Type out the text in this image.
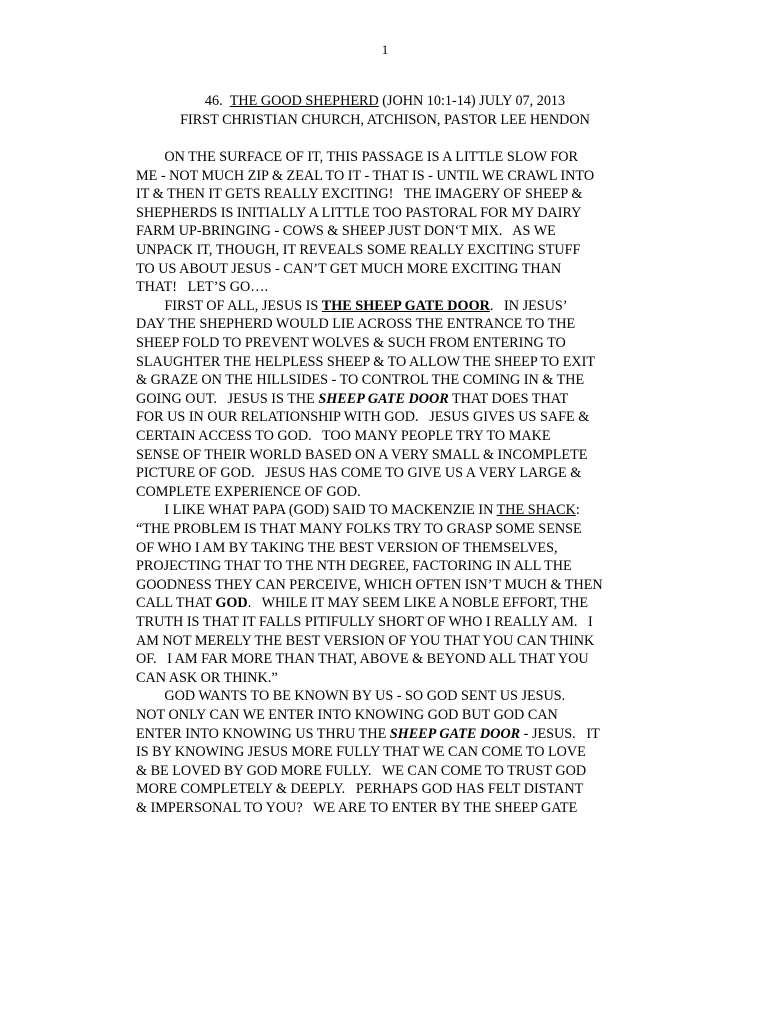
1
46. THE GOOD SHEPHERD (JOHN 10:1-14) JULY 07, 2013
FIRST CHRISTIAN CHURCH, ATCHISON, PASTOR LEE HENDON
ON THE SURFACE OF IT, THIS PASSAGE IS A LITTLE SLOW FOR
ME - NOT MUCH ZIP & ZEAL TO IT - THAT IS - UNTIL WE CRAWL INTO
IT & THEN IT GETS REALLY EXCITING!   THE IMAGERY OF SHEEP &
SHEPHERDS IS INITIALLY A LITTLE TOO PASTORAL FOR MY DAIRY
FARM UP-BRINGING - COWS & SHEEP JUST DON‘T MIX.   AS WE
UNPACK IT, THOUGH, IT REVEALS SOME REALLY EXCITING STUFF
TO US ABOUT JESUS - CAN’T GET MUCH MORE EXCITING THAN
THAT!   LET’S GO….
FIRST OF ALL, JESUS IS THE SHEEP GATE DOOR.   IN JESUS’
DAY THE SHEPHERD WOULD LIE ACROSS THE ENTRANCE TO THE
SHEEP FOLD TO PREVENT WOLVES & SUCH FROM ENTERING TO
SLAUGHTER THE HELPLESS SHEEP & TO ALLOW THE SHEEP TO EXIT
& GRAZE ON THE HILLSIDES - TO CONTROL THE COMING IN & THE
GOING OUT.   JESUS IS THE SHEEP GATE DOOR THAT DOES THAT
FOR US IN OUR RELATIONSHIP WITH GOD.   JESUS GIVES US SAFE &
CERTAIN ACCESS TO GOD.   TOO MANY PEOPLE TRY TO MAKE
SENSE OF THEIR WORLD BASED ON A VERY SMALL & INCOMPLETE
PICTURE OF GOD.   JESUS HAS COME TO GIVE US A VERY LARGE &
COMPLETE EXPERIENCE OF GOD.
I LIKE WHAT PAPA (GOD) SAID TO MACKENZIE IN THE SHACK:
“THE PROBLEM IS THAT MANY FOLKS TRY TO GRASP SOME SENSE
OF WHO I AM BY TAKING THE BEST VERSION OF THEMSELVES,
PROJECTING THAT TO THE NTH DEGREE, FACTORING IN ALL THE
GOODNESS THEY CAN PERCEIVE, WHICH OFTEN ISN’T MUCH & THEN
CALL THAT GOD.   WHILE IT MAY SEEM LIKE A NOBLE EFFORT, THE
TRUTH IS THAT IT FALLS PITIFULLY SHORT OF WHO I REALLY AM.   I
AM NOT MERELY THE BEST VERSION OF YOU THAT YOU CAN THINK
OF.   I AM FAR MORE THAN THAT, ABOVE & BEYOND ALL THAT YOU
CAN ASK OR THINK.”
GOD WANTS TO BE KNOWN BY US - SO GOD SENT US JESUS.
NOT ONLY CAN WE ENTER INTO KNOWING GOD BUT GOD CAN
ENTER INTO KNOWING US THRU THE SHEEP GATE DOOR - JESUS.   IT
IS BY KNOWING JESUS MORE FULLY THAT WE CAN COME TO LOVE
& BE LOVED BY GOD MORE FULLY.   WE CAN COME TO TRUST GOD
MORE COMPLETELY & DEEPLY.   PERHAPS GOD HAS FELT DISTANT
& IMPERSONAL TO YOU?   WE ARE TO ENTER BY THE SHEEP GATE
